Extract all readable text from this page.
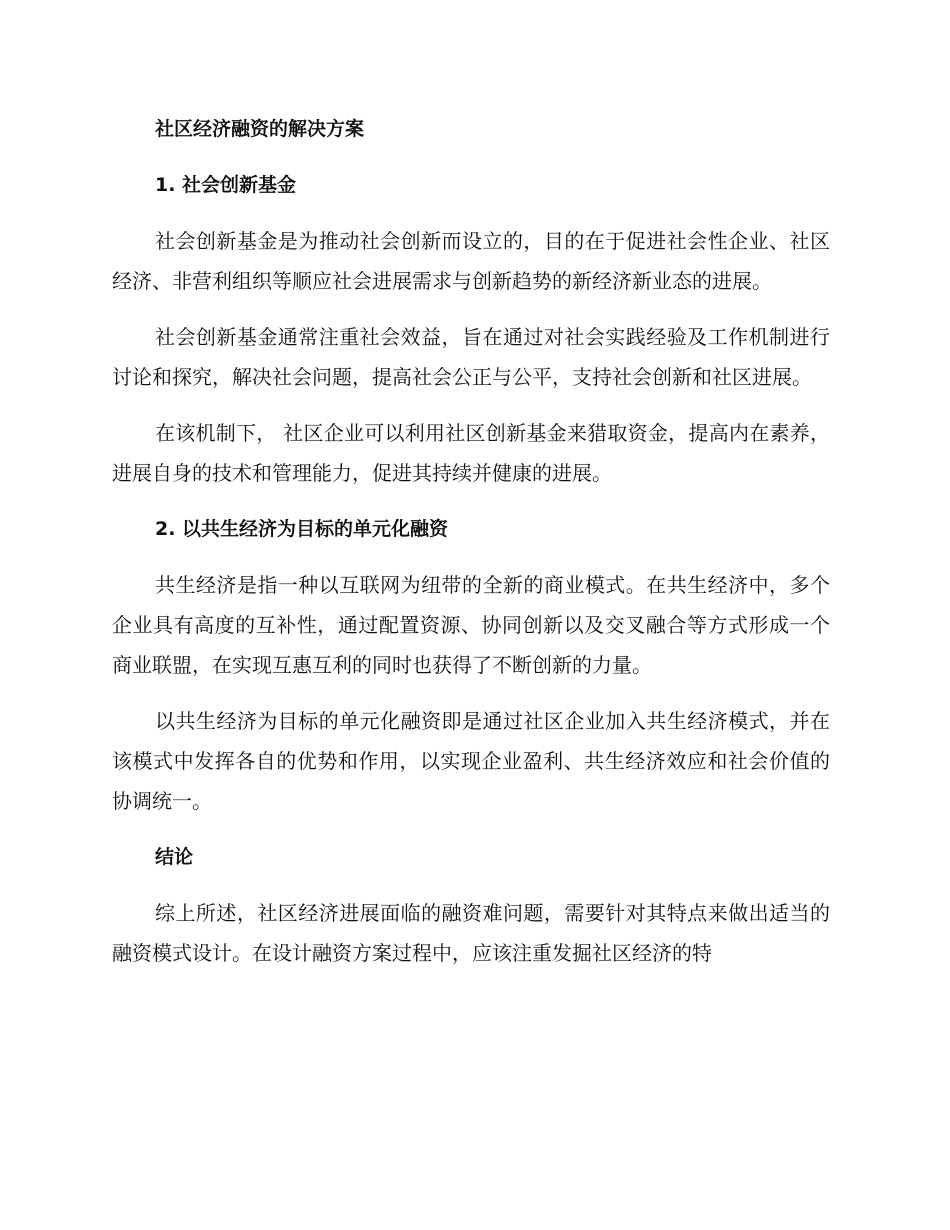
社区经济融资的解决方案
1. 社会创新基金

社会创新基金是为推动社会创新而设立的，目的在于促进社会性企业、社区经济、非营利组织等顺应社会进展需求与创新趋势的新经济新业态的进展。

社会创新基金通常注重社会效益，旨在通过对社会实践经验及工作机制进行讨论和探究，解决社会问题，提高社会公正与公平，支持社会创新和社区进展。

在该机制下， 社区企业可以利用社区创新基金来猎取资金，提高内在素养，进展自身的技术和管理能力，促进其持续并健康的进展。

2. 以共生经济为目标的单元化融资

共生经济是指一种以互联网为纽带的全新的商业模式。在共生经济中，多个企业具有高度的互补性，通过配置资源、协同创新以及交叉融合等方式形成一个商业联盟，在实现互惠互利的同时也获得了不断创新的力量。

以共生经济为目标的单元化融资即是通过社区企业加入共生经济模式，并在该模式中发挥各自的优势和作用，以实现企业盈利、共生经济效应和社会价值的协调统一。

结论

综上所述，社区经济进展面临的融资难问题，需要针对其特点来做出适当的融资模式设计。在设计融资方案过程中，应该注重发掘社区经济的特
